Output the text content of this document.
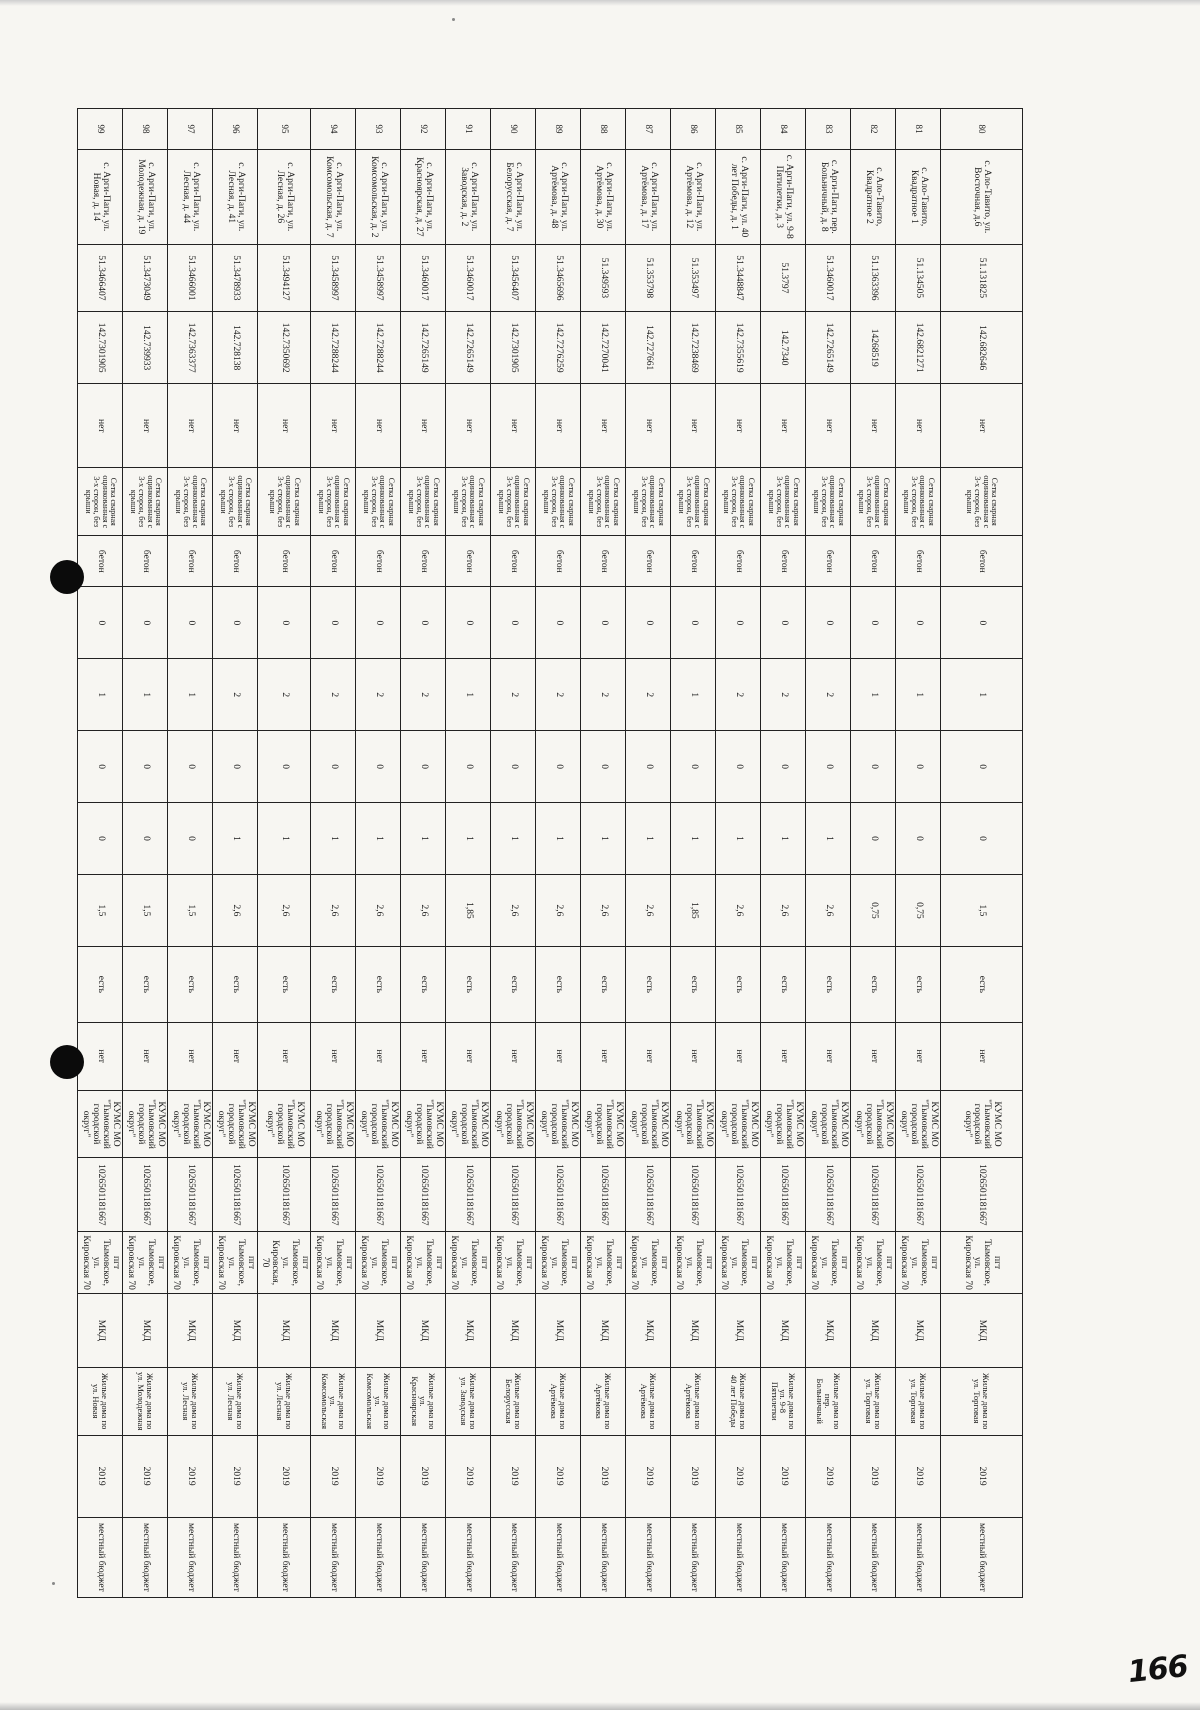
80	с. Ало-Тавито, ул. Восточная, д.6	51.131825	142.682646	нет	Сетка сварная оцинкованная с 3-х сторон, без крыши	бетон	0	1	0	0	1,5	есть	нет	КУМС МО "Тымовский городской округ"	1026501181667	пгт Тымовское, ул. Кировская 70	МКД	Жилые дома по ул. Торговая	2019	местный бюджет
81	с. Ало-Тавито, Квадратное 1	51.134505	142.6821271	нет	Сетка сварная оцинкованная с 3-х сторон, без крыши	бетон	0	1	0	0	0,75	есть	нет	КУМС МО "Тымовский городской округ"	1026501181667	пгт Тымовское, ул. Кировская 70	МКД	Жилые дома по ул. Торговая	2019	местный бюджет
82	с. Ало-Тавито, Квадратное 2	51.1363396	14268519	нет	Сетка сварная оцинкованная с 3-х сторон, без крыши	бетон	0	1	0	0	0,75	есть	нет	КУМС МО "Тымовский городской округ"	1026501181667	пгт Тымовское, ул. Кировская 70	МКД	Жилые дома по ул. Торговая	2019	местный бюджет
83	с. Арги-Паги, пер. Больничный, д. 8	51.3460017	142.7265149	нет	Сетка сварная оцинкованная с 3-х сторон, без крыши	бетон	0	2	0	1	2,6	есть	нет	КУМС МО "Тымовский городской округ"	1026501181667	пгт Тымовское, ул. Кировская 70	МКД	Жилые дома по пер. Больничный	2019	местный бюджет
84	с. Арги-Паги, ул. 9-8 Пятилетки, д. 3	51.3797	142.7340	нет	Сетка сварная оцинкованная с 3-х сторон, без крыши	бетон	0	2	0	1	2,6	есть	нет	КУМС МО "Тымовский городской округ"	1026501181667	пгт Тымовское, ул. Кировская 70	МКД	Жилые дома по ул. 9-8 Пятилетки	2019	местный бюджет
85	с. Арги-Паги, ул. 40 лет Победы, д. 1	51.3448847	142.7355619	нет	Сетка сварная оцинкованная с 3-х сторон, без крыши	бетон	0	2	0	1	2,6	есть	нет	КУМС МО "Тымовский городской округ"	1026501181667	пгт Тымовское, ул. Кировская 70	МКД	Жилые дома по 40 лет Победы	2019	местный бюджет
86	с. Арги-Паги, ул. Артёмова, д. 12	51.353497	142.7238469	нет	Сетка сварная оцинкованная с 3-х сторон, без крыши	бетон	0	1	0	1	1,85	есть	нет	КУМС МО "Тымовский городской округ"	1026501181667	пгт Тымовское, ул. Кировская 70	МКД	Жилые дома по Артёмова	2019	местный бюджет
87	с. Арги-Паги, ул. Артёмова, д. 17	51.353798	142.727661	нет	Сетка сварная оцинкованная с 3-х сторон, без крыши	бетон	0	2	0	1	2,6	есть	нет	КУМС МО "Тымовский городской округ"	1026501181667	пгт Тымовское, ул. Кировская 70	МКД	Жилые дома по Артёмова	2019	местный бюджет
88	с. Арги-Паги, ул. Артёмова, д. 30	51.349593	142.7270041	нет	Сетка сварная оцинкованная с 3-х сторон, без крыши	бетон	0	2	0	1	2,6	есть	нет	КУМС МО "Тымовский городской округ"	1026501181667	пгт Тымовское, ул. Кировская 70	МКД	Жилые дома по Артёмова	2019	местный бюджет
89	с. Арги-Паги, ул. Артёмова, д. 48	51.3465696	142.7276259	нет	Сетка сварная оцинкованная с 3-х сторон, без крыши	бетон	0	2	0	1	2,6	есть	нет	КУМС МО "Тымовский городской округ"	1026501181667	пгт Тымовское, ул. Кировская 70	МКД	Жилые дома по Артёмова	2019	местный бюджет
90	с. Арги-Паги, ул. Белорусская, д. 7	51.3456407	142.7301905	нет	Сетка сварная оцинкованная с 3-х сторон, без крыши	бетон	0	2	0	1	2,6	есть	нет	КУМС МО "Тымовский городской округ"	1026501181667	пгт Тымовское, ул. Кировская 70	МКД	Жилые дома по Белорусская	2019	местный бюджет
91	с. Арги-Паги, ул. Заводская, д. 2	51.3460017	142.7265149	нет	Сетка сварная оцинкованная с 3-х сторон, без крыши	бетон	0	1	0	1	1,85	есть	нет	КУМС МО "Тымовский городской округ"	1026501181667	пгт Тымовское, ул. Кировская 70	МКД	Жилые дома по ул. Заводская	2019	местный бюджет
92	с. Арги-Паги, ул. Красноярская, д. 27	51.3460017	142.7265149	нет	Сетка сварная оцинкованная с 3-х сторон, без крыши	бетон	0	2	0	1	2,6	есть	нет	КУМС МО "Тымовский городской округ"	1026501181667	пгт Тымовское, ул. Кировская 70	МКД	Жилые дома по ул. Красноярская	2019	местный бюджет
93	с. Арги-Паги, ул. Комсомольская, д. 2	51.3458997	142.7288244	нет	Сетка сварная оцинкованная с 3-х сторон, без крыши	бетон	0	2	0	1	2,6	есть	нет	КУМС МО "Тымовский городской округ"	1026501181667	пгт Тымовское, ул. Кировская 70	МКД	Жилые дома по ул. Комсомольская	2019	местный бюджет
94	с. Арги-Паги, ул. Комсомольская, д. 7	51.3458997	142.7288244	нет	Сетка сварная оцинкованная с 3-х сторон, без крыши	бетон	0	2	0	1	2,6	есть	нет	КУМС МО "Тымовский городской округ"	1026501181667	пгт Тымовское, ул. Кировская 70	МКД	Жилые дома по ул. Комсомольская	2019	местный бюджет
95	с. Арги-Паги, ул. Лесная, д. 26	51.3494127	142.7350692	нет	Сетка сварная оцинкованная с 3-х сторон, без крыши	бетон	0	2	0	1	2,6	есть	нет	КУМС МО "Тымовский городской округ"	1026501181667	пгт Тымовское, ул. Кировская, 70	МКД	Жилые дома по ул. Лесная	2019	местный бюджет
96	с. Арги-Паги, ул. Лесная, д. 41	51.3478933	142.728138	нет	Сетка сварная оцинкованная с 3-х сторон, без крыши	бетон	0	2	0	1	2,6	есть	нет	КУМС МО "Тымовский городской округ"	1026501181667	пгт Тымовское, ул. Кировская 70	МКД	Жилые дома по ул. Лесная	2019	местный бюджет
97	с. Арги-Паги, ул. Лесная, д. 44	51.3466001	142.7363377	нет	Сетка сварная оцинкованная с 3-х сторон, без крыши	бетон	0	1	0	0	1,5	есть	нет	КУМС МО "Тымовский городской округ"	1026501181667	пгт Тымовское, ул. Кировская 70	МКД	Жилые дома по ул. Лесная	2019	местный бюджет
98	с. Арги-Паги, ул. Молодежная, д. 19	51.3473049	142.739933	нет	Сетка сварная оцинкованная с 3-х сторон, без крыши	бетон	0	1	0	0	1,5	есть	нет	КУМС МО "Тымовский городской округ"	1026501181667	пгт Тымовское, ул. Кировская 70	МКД	Жилые дома по ул. Молодежная	2019	местный бюджет
99	с. Арги-Паги, ул. Новая, д. 14	51.3466407	142.7301905	нет	Сетка сварная оцинкованная с 3-х сторон, без крыши	бетон	0	1	0	0	1,5	есть	нет	КУМС МО "Тымовский городской округ"	1026501181667	пгт Тымовское, ул. Кировская 70	МКД	Жилые дома по ул. Новая	2019	местный бюджет
166
